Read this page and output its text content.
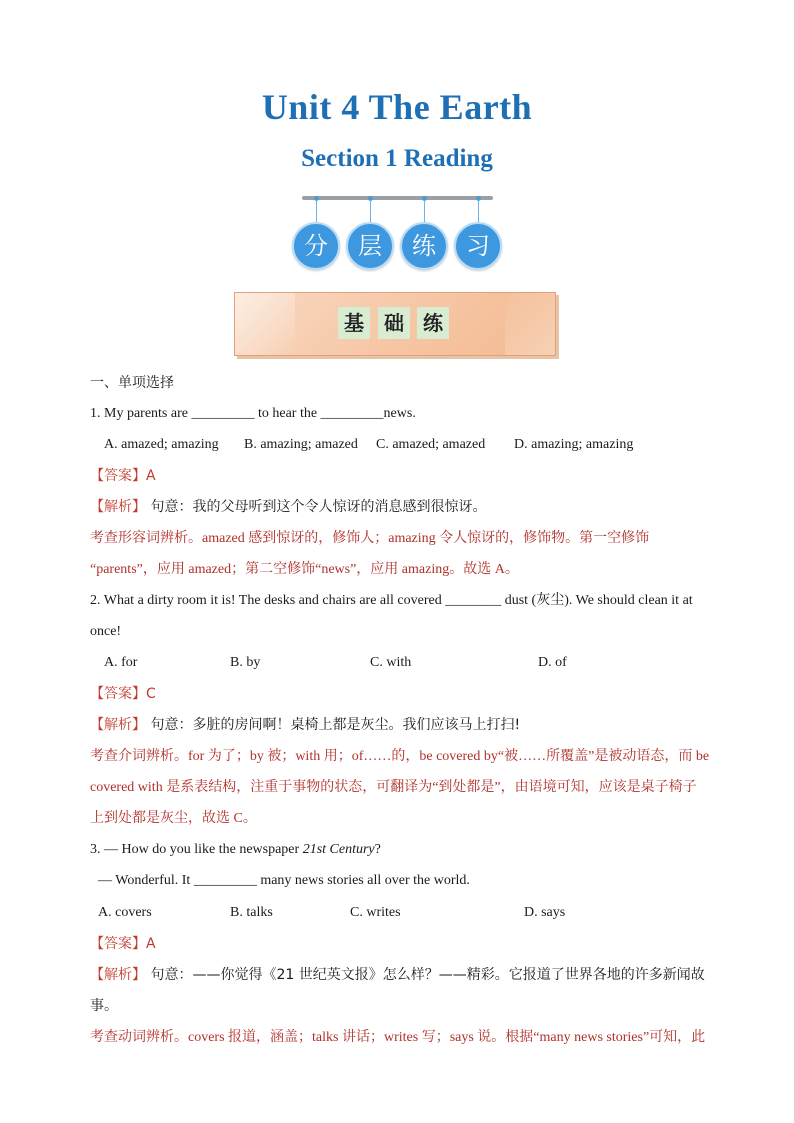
Unit 4 The Earth
Section 1 Reading
分	层	练	习
基	础 练
一、单项选择
1. My parents are _________ to hear the _________news.
A. amazed; amazing B. amazing; amazed C. amazed; amazed D. amazing; amazing
【答案】A
【解析】 句意：我的父母听到这个令人惊讶的消息感到很惊讶。
考查形容词辨析。amazed 感到惊讶的，修饰人；amazing 令人惊讶的，修饰物。第一空修饰
“parents”，应用 amazed；第二空修饰“news”，应用 amazing。故选 A。
2. What a dirty room it is! The desks and chairs are all covered ________ dust (灰尘). We should clean it at
once!
A. for	B. by	C. with	D. of
【答案】C
【解析】 句意：多脏的房间啊！桌椅上都是灰尘。我们应该马上打扫!
考查介词辨析。for 为了；by 被；with 用；of……的，be covered by“被……所覆盖”是被动语态，而 be
covered with 是系表结构，注重于事物的状态，可翻译为“到处都是”，由语境可知，应该是桌子椅子
上到处都是灰尘，故选 C。
3. — How do you like the newspaper 21st Century?
— Wonderful. It _________ many news stories all over the world.
A. covers	B. talks	C. writes	D. says
【答案】A
【解析】 句意：——你觉得《21 世纪英文报》怎么样？——精彩。它报道了世界各地的许多新闻故
事。
考查动词辨析。covers 报道，涵盖；talks 讲话；writes 写；says 说。根据“many news stories”可知，此
